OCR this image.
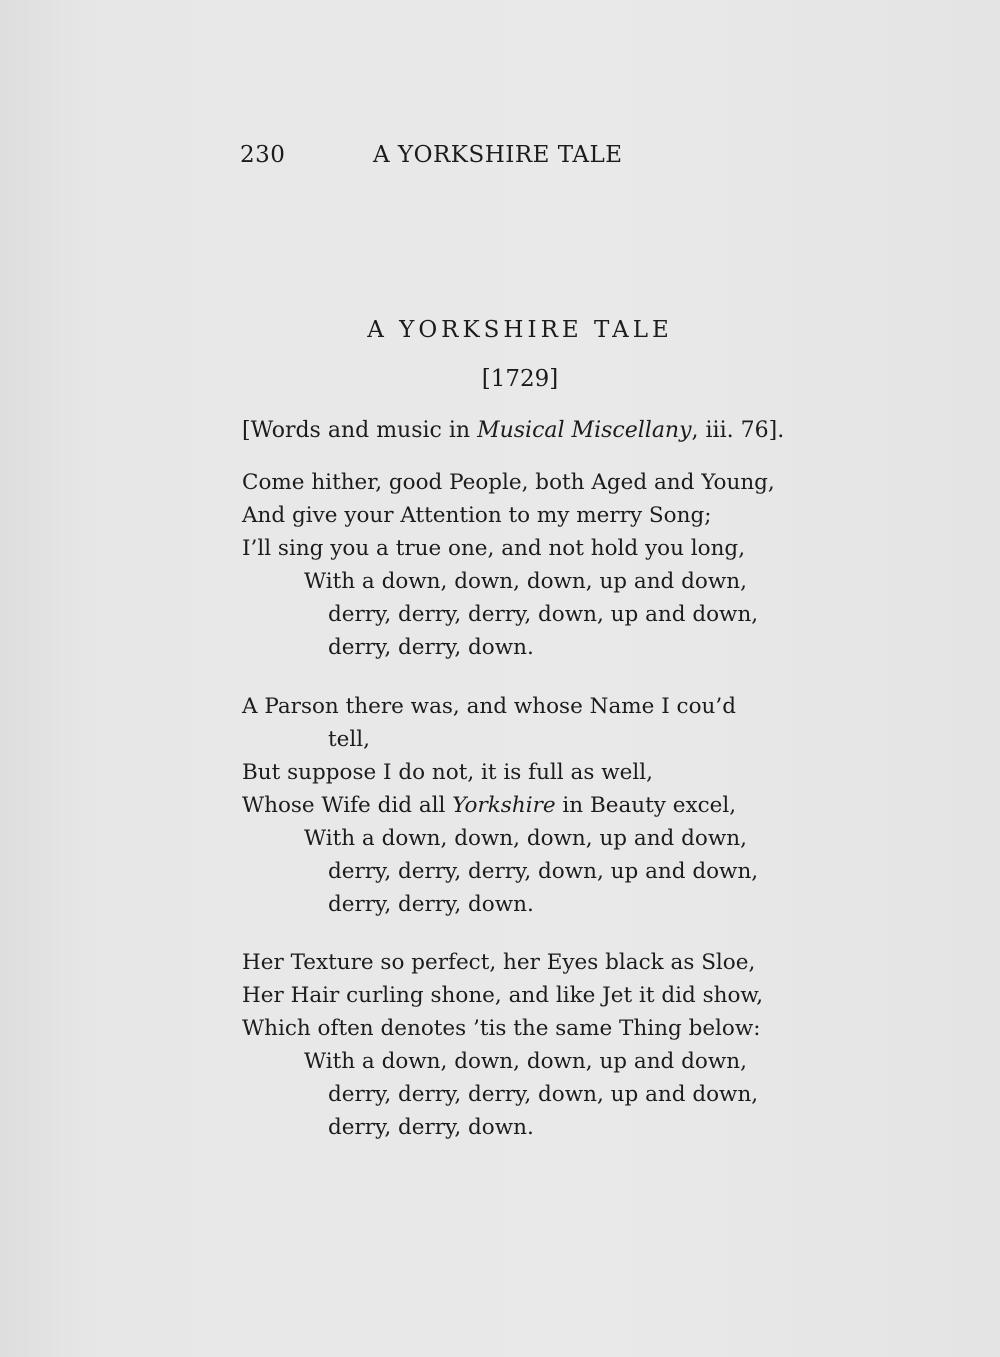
230	A YORKSHIRE TALE
A YORKSHIRE TALE
[1729]
[Words and music in Musical Miscellany, iii. 76].
Come hither, good People, both Aged and Young,
And give your Attention to my merry Song;
I’ll sing you a true one, and not hold you long,
With a down, down, down, up and down,
derry, derry, derry, down, up and down,
derry, derry, down.
A Parson there was, and whose Name I cou’d
tell,
But suppose I do not, it is full as well,
Whose Wife did all Yorkshire in Beauty excel,
With a down, down, down, up and down,
derry, derry, derry, down, up and down,
derry, derry, down.
Her Texture so perfect, her Eyes black as Sloe,
Her Hair curling shone, and like Jet it did show,
Which often denotes ’tis the same Thing below:
With a down, down, down, up and down,
derry, derry, derry, down, up and down,
derry, derry, down.
